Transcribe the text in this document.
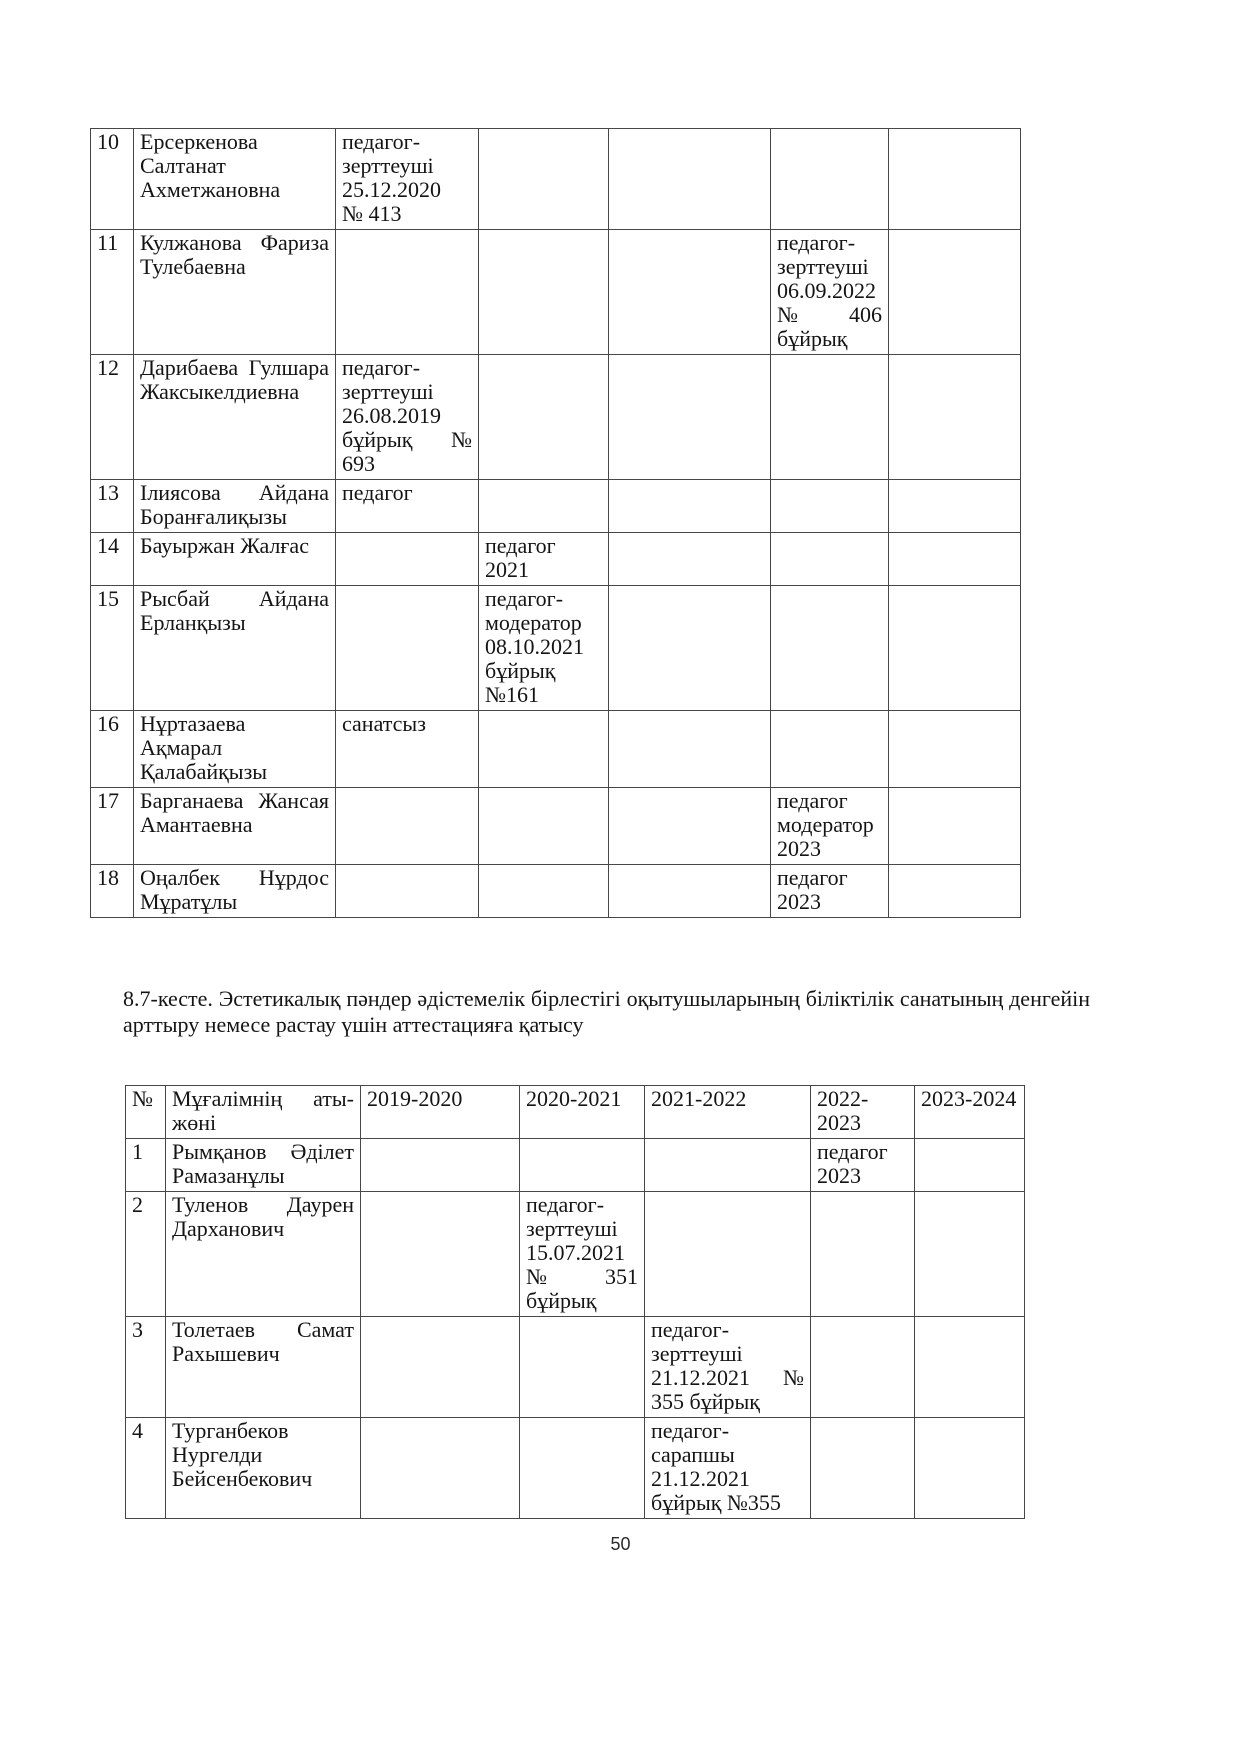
10	Ерсеркенова Салтанат Ахметжановна	педагог-зерттеуші 25.12.2020 № 413				
11	Кулжанова Фариза Тулебаевна				педагог-зерттеуші 06.09.2022 №406 бұйрық	
12	Дарибаева Гулшара Жаксыкелдиевна	педагог-зерттеуші 26.08.2019 бұйрық № 693				
13	Ілиясова Айдана Боранғалиқызы	педагог				
14	Бауыржан Жалғас		педагог 2021			
15	Рысбай Айдана Ерланқызы		педагог-модератор 08.10.2021 бұйрық №161			
16	Нұртазаева Ақмарал Қалабайқызы	санатсыз				
17	Барганаева Жансая Амантаевна				педагог модератор 2023	
18	Оңалбек Нұрдос Мұратұлы				педагог 2023	

8.7-кесте. Эстетикалық пәндер әдістемелік бірлестігі оқытушыларының біліктілік санатының денгейін арттыру немесе растау үшін аттестацияға қатысу

№	Мұғалімнің аты-жөні	2019-2020	2020-2021	2021-2022	2022-2023	2023-2024
1	Рымқанов Әділет Рамазанұлы				педагог 2023	
2	Туленов Даурен Дарханович		педагог-зерттеуші 15.07.2021 № 351 бұйрық			
3	Толетаев Самат Рахышевич			педагог-зерттеуші 21.12.2021 № 355 бұйрық		
4	Турганбеков Нургелди Бейсенбекович			педагог-сарапшы 21.12.2021 бұйрық №355		
50
